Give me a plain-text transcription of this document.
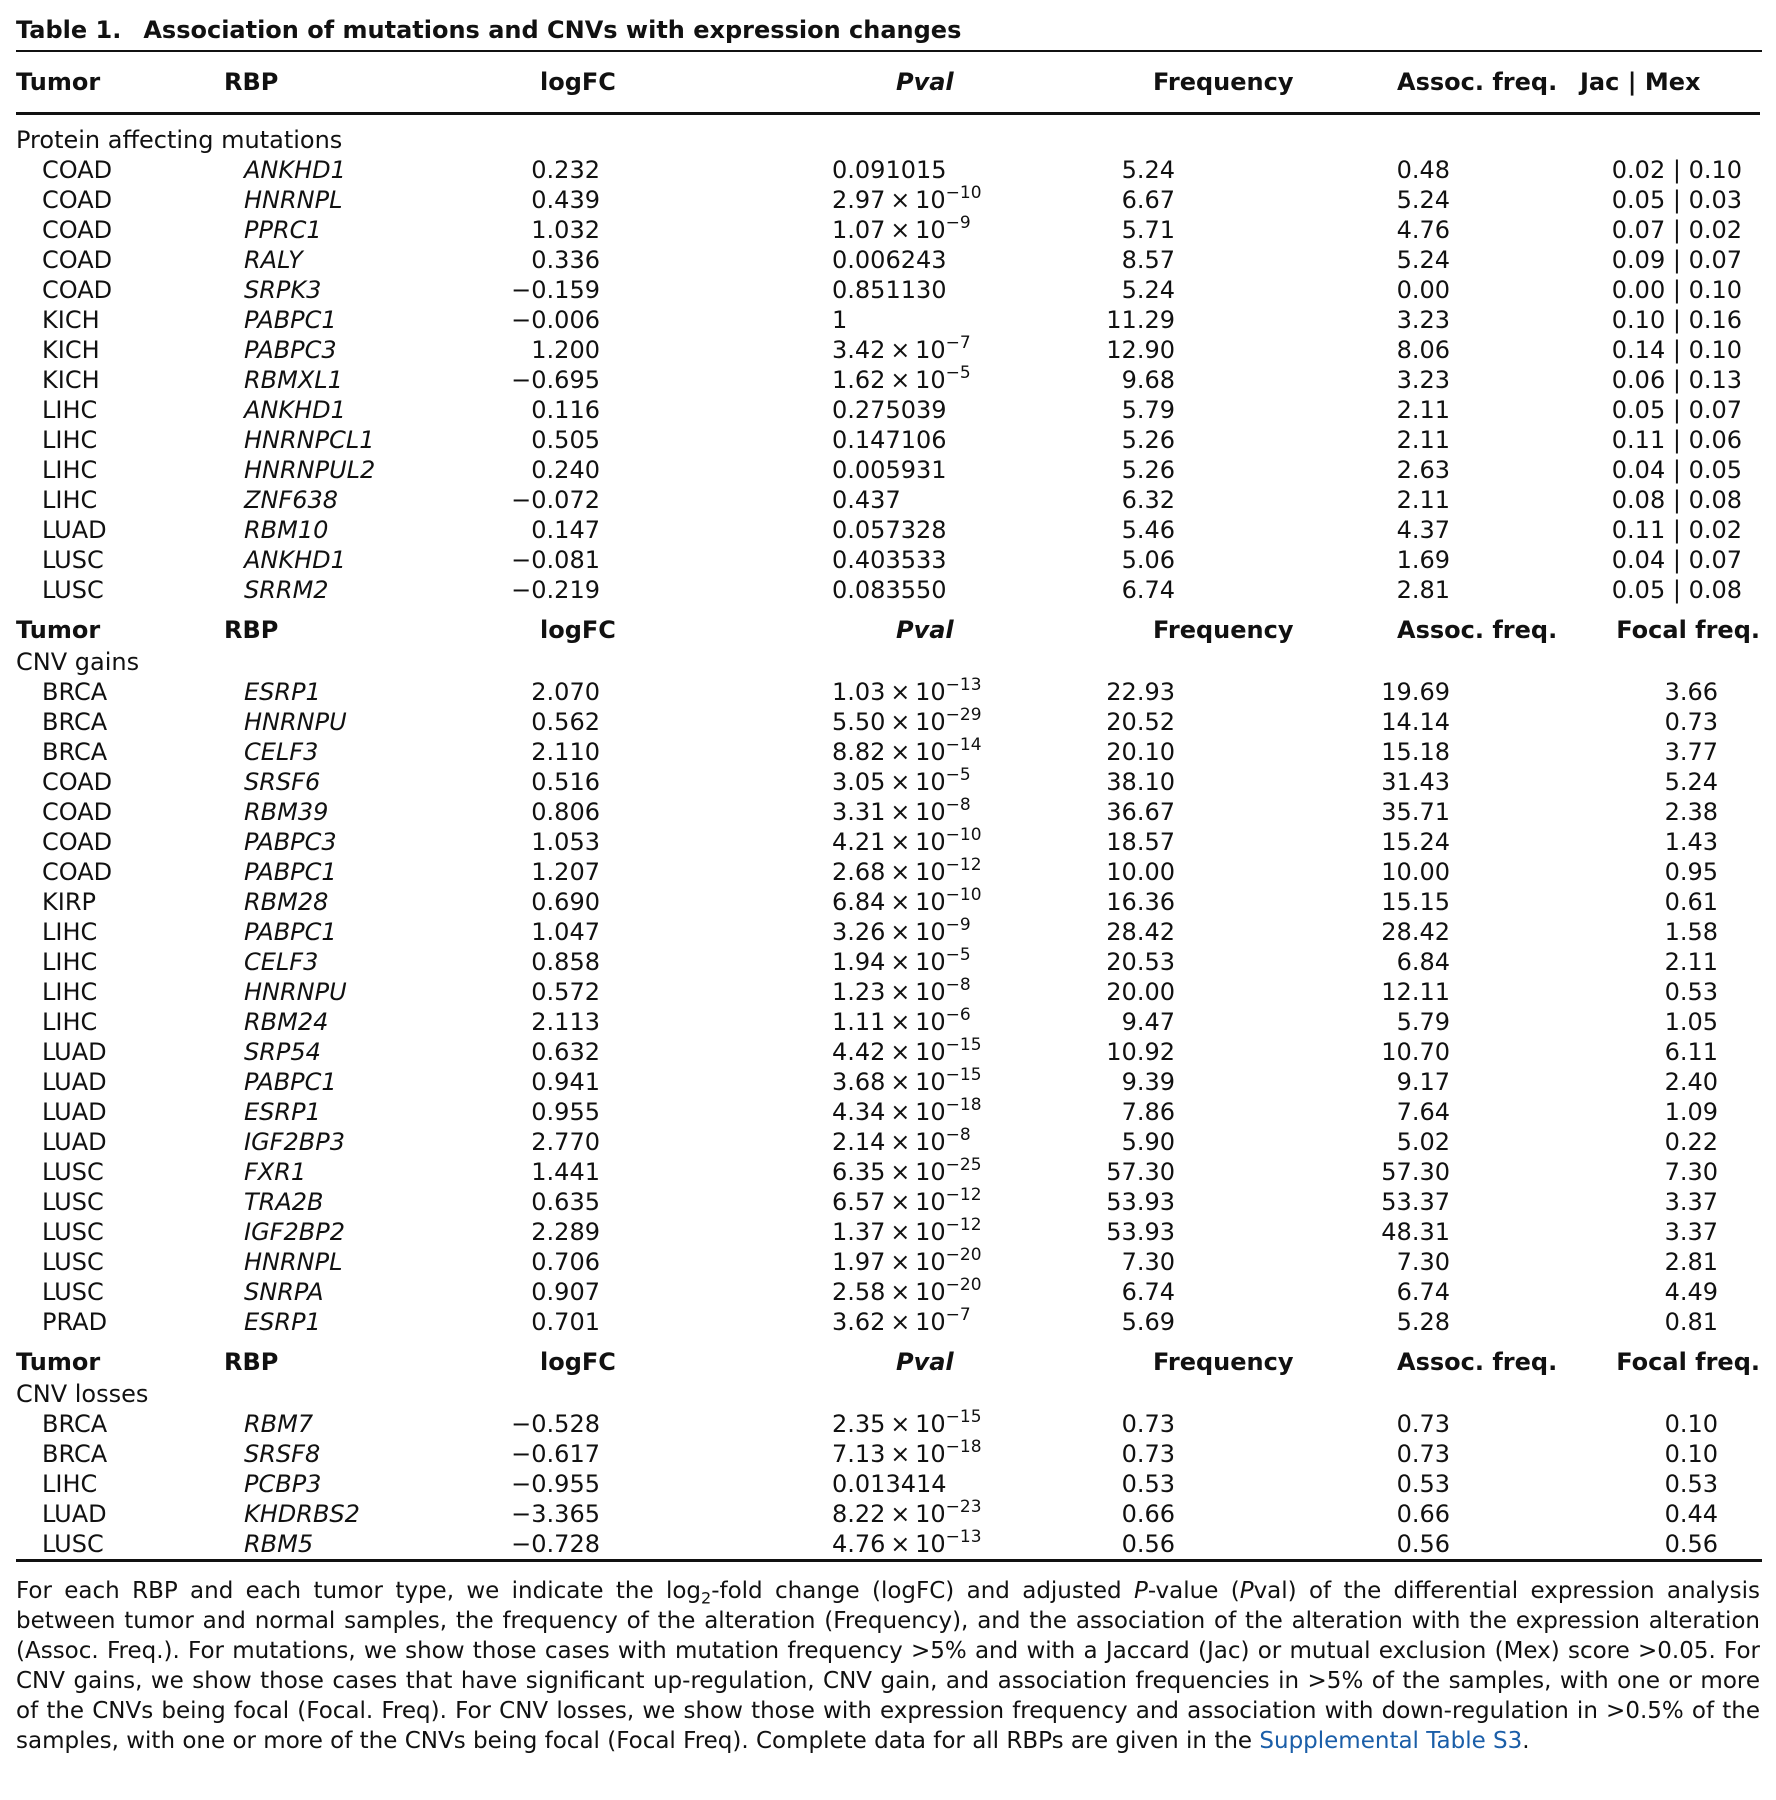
Table 1. Association of mutations and CNVs with expression changes
Tumor	RBP	logFC	Pval	Frequency	Assoc. freq.	Jac | Mex
Protein affecting mutations						
COAD	ANKHD1	0.232	0.091015	5.24	0.48	0.02 | 0.10
COAD	HNRNPL	0.439	$2.97 \times 10^{-10}$	6.67	5.24	0.05 | 0.03
COAD	PPRC1	1.032	$1.07 \times 10^{-9}$	5.71	4.76	0.07 | 0.02
COAD	RALY	0.336	0.006243	8.57	5.24	0.09 | 0.07
COAD	SRPK3	−0.159	0.851130	5.24	0.00	0.00 | 0.10
KICH	PABPC1	−0.006	1	11.29	3.23	0.10 | 0.16
KICH	PABPC3	1.200	$3.42 \times 10^{-7}$	12.90	8.06	0.14 | 0.10
KICH	RBMXL1	−0.695	$1.62 \times 10^{-5}$	9.68	3.23	0.06 | 0.13
LIHC	ANKHD1	0.116	0.275039	5.79	2.11	0.05 | 0.07
LIHC	HNRNPCL1	0.505	0.147106	5.26	2.11	0.11 | 0.06
LIHC	HNRNPUL2	0.240	0.005931	5.26	2.63	0.04 | 0.05
LIHC	ZNF638	−0.072	0.437	6.32	2.11	0.08 | 0.08
LUAD	RBM10	0.147	0.057328	5.46	4.37	0.11 | 0.02
LUSC	ANKHD1	−0.081	0.403533	5.06	1.69	0.04 | 0.07
LUSC	SRRM2	−0.219	0.083550	6.74	2.81	0.05 | 0.08
Tumor	RBP	logFC	Pval	Frequency	Assoc. freq.	Focal freq.
CNV gains						
BRCA	ESRP1	2.070	$1.03 \times 10^{-13}$	22.93	19.69	3.66
BRCA	HNRNPU	0.562	$5.50 \times 10^{-29}$	20.52	14.14	0.73
BRCA	CELF3	2.110	$8.82 \times 10^{-14}$	20.10	15.18	3.77
COAD	SRSF6	0.516	$3.05 \times 10^{-5}$	38.10	31.43	5.24
COAD	RBM39	0.806	$3.31 \times 10^{-8}$	36.67	35.71	2.38
COAD	PABPC3	1.053	$4.21 \times 10^{-10}$	18.57	15.24	1.43
COAD	PABPC1	1.207	$2.68 \times 10^{-12}$	10.00	10.00	0.95
KIRP	RBM28	0.690	$6.84 \times 10^{-10}$	16.36	15.15	0.61
LIHC	PABPC1	1.047	$3.26 \times 10^{-9}$	28.42	28.42	1.58
LIHC	CELF3	0.858	$1.94 \times 10^{-5}$	20.53	6.84	2.11
LIHC	HNRNPU	0.572	$1.23 \times 10^{-8}$	20.00	12.11	0.53
LIHC	RBM24	2.113	$1.11 \times 10^{-6}$	9.47	5.79	1.05
LUAD	SRP54	0.632	$4.42 \times 10^{-15}$	10.92	10.70	6.11
LUAD	PABPC1	0.941	$3.68 \times 10^{-15}$	9.39	9.17	2.40
LUAD	ESRP1	0.955	$4.34 \times 10^{-18}$	7.86	7.64	1.09
LUAD	IGF2BP3	2.770	$2.14 \times 10^{-8}$	5.90	5.02	0.22
LUSC	FXR1	1.441	$6.35 \times 10^{-25}$	57.30	57.30	7.30
LUSC	TRA2B	0.635	$6.57 \times 10^{-12}$	53.93	53.37	3.37
LUSC	IGF2BP2	2.289	$1.37 \times 10^{-12}$	53.93	48.31	3.37
LUSC	HNRNPL	0.706	$1.97 \times 10^{-20}$	7.30	7.30	2.81
LUSC	SNRPA	0.907	$2.58 \times 10^{-20}$	6.74	6.74	4.49
PRAD	ESRP1	0.701	$3.62 \times 10^{-7}$	5.69	5.28	0.81
Tumor	RBP	logFC	Pval	Frequency	Assoc. freq.	Focal freq.
CNV losses						
BRCA	RBM7	−0.528	$2.35 \times 10^{-15}$	0.73	0.73	0.10
BRCA	SRSF8	−0.617	$7.13 \times 10^{-18}$	0.73	0.73	0.10
LIHC	PCBP3	−0.955	0.013414	0.53	0.53	0.53
LUAD	KHDRBS2	−3.365	$8.22 \times 10^{-23}$	0.66	0.66	0.44
LUSC	RBM5	−0.728	$4.76 \times 10^{-13}$	0.56	0.56	0.56
For each RBP and each tumor type, we indicate the $\log_2$-fold change (logFC) and adjusted P-value (Pval) of the differential expression analysis between tumor and normal samples, the frequency of the alteration (Frequency), and the association of the alteration with the expression alteration (Assoc. Freq.). For mutations, we show those cases with mutation frequency >5% and with a Jaccard (Jac) or mutual exclusion (Mex) score >0.05. For CNV gains, we show those cases that have significant up-regulation, CNV gain, and association frequencies in >5% of the samples, with one or more of the CNVs being focal (Focal. Freq). For CNV losses, we show those with expression frequency and association with down-regulation in >0.5% of the samples, with one or more of the CNVs being focal (Focal Freq). Complete data for all RBPs are given in the Supplemental Table S3.
